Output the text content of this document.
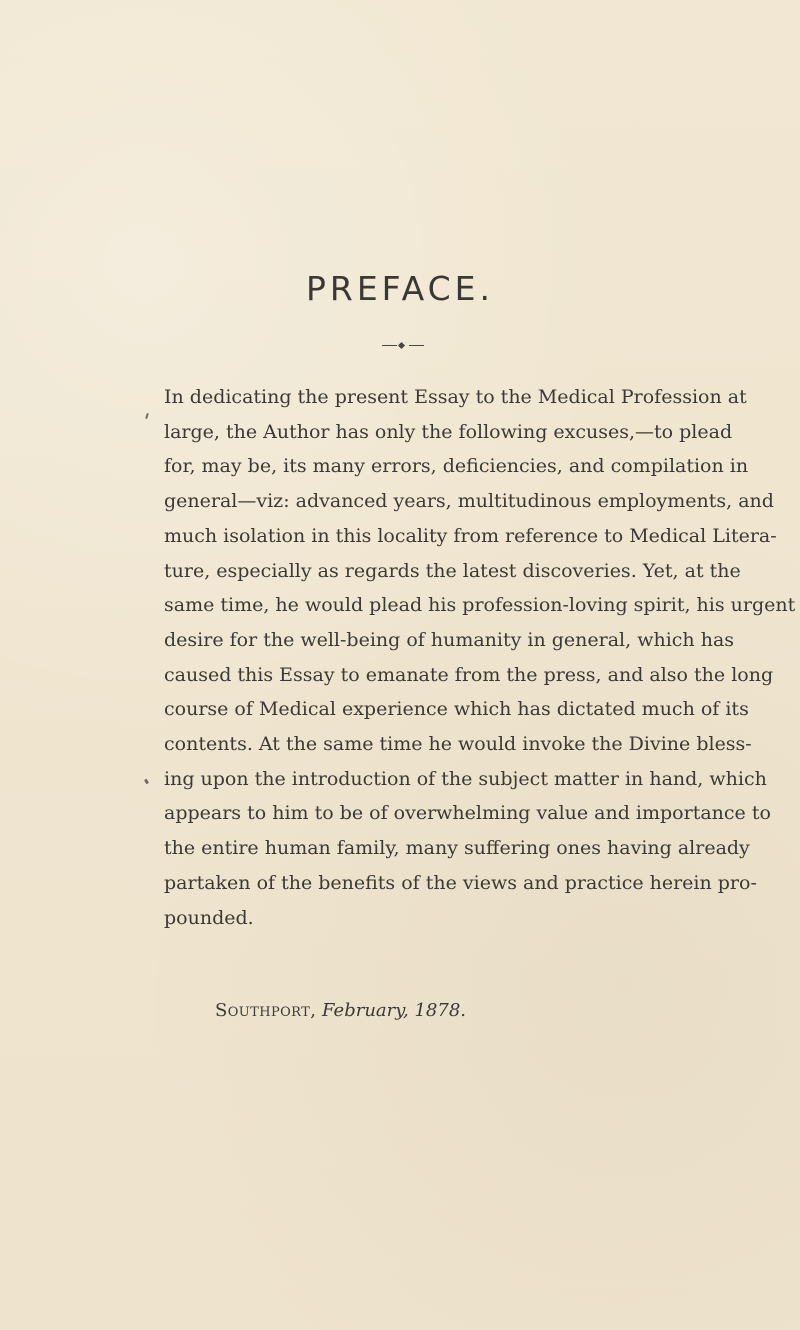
PREFACE.
In dedicating the present Essay to the Medical Profession at
large, the Author has only the following excuses,—to plead
for, may be, its many errors, deficiencies, and compilation in
general—viz: advanced years, multitudinous employments, and
much isolation in this locality from reference to Medical Litera-
ture, especially as regards the latest discoveries. Yet, at the
same time, he would plead his profession-loving spirit, his urgent
desire for the well-being of humanity in general, which has
caused this Essay to emanate from the press, and also the long
course of Medical experience which has dictated much of its
contents. At the same time he would invoke the Divine bless-
ing upon the introduction of the subject matter in hand, which
appears to him to be of overwhelming value and importance to
the entire human family, many suffering ones having already
partaken of the benefits of the views and practice herein pro-
pounded.
Southport, February, 1878.
